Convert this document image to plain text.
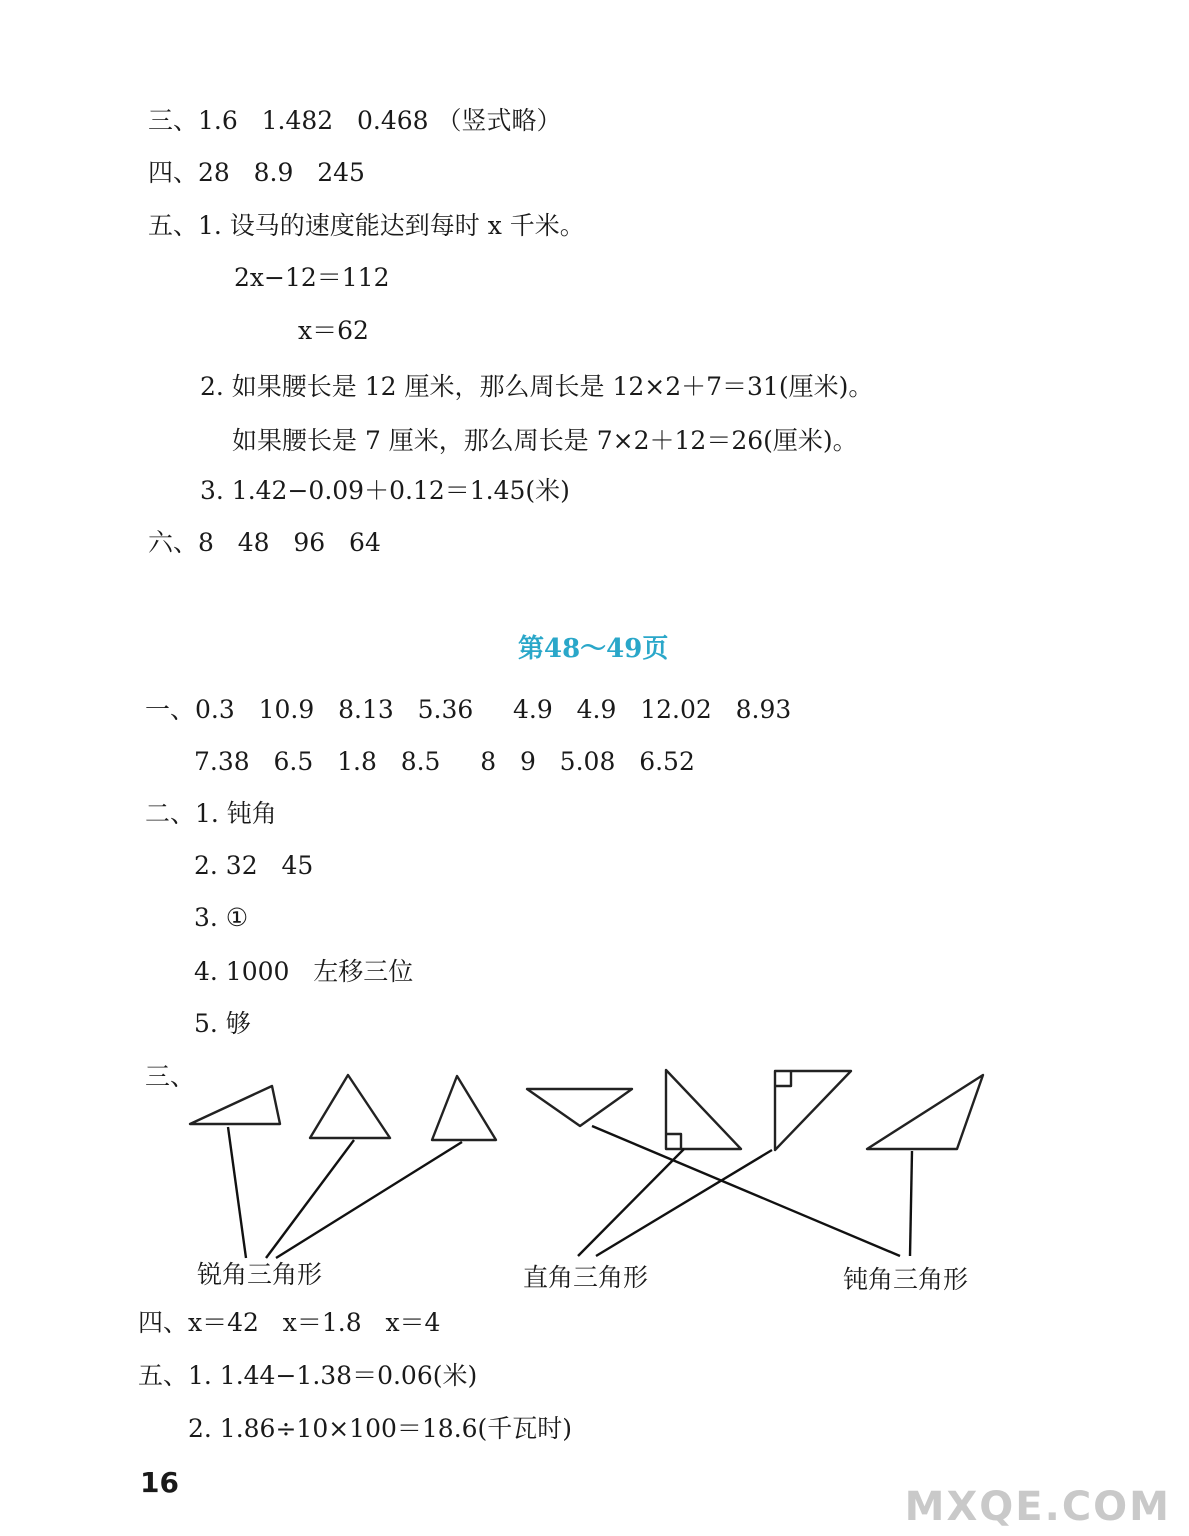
三、1.6   1.482   0.468 （竖式略）
四、28   8.9   245
五、1. 设马的速度能达到每时 x 千米。
2x−12＝112
x＝62
2. 如果腰长是 12 厘米，那么周长是 12×2＋7＝31(厘米)。
如果腰长是 7 厘米，那么周长是 7×2＋12＝26(厘米)。
3. 1.42−0.09＋0.12＝1.45(米)
六、8   48   96   64
第48～49页
一、0.3   10.9   8.13   5.36     4.9   4.9   12.02   8.93
7.38   6.5   1.8   8.5     8   9   5.08   6.52
二、1. 钝角
2. 32   45
3. ①
4. 1000   左移三位
5. 够
三、
锐角三角形	直角三角形	钝角三角形
四、x＝42   x＝1.8   x＝4
五、1. 1.44−1.38＝0.06(米)
2. 1.86÷10×100＝18.6(千瓦时)
16
MXQE.COM
